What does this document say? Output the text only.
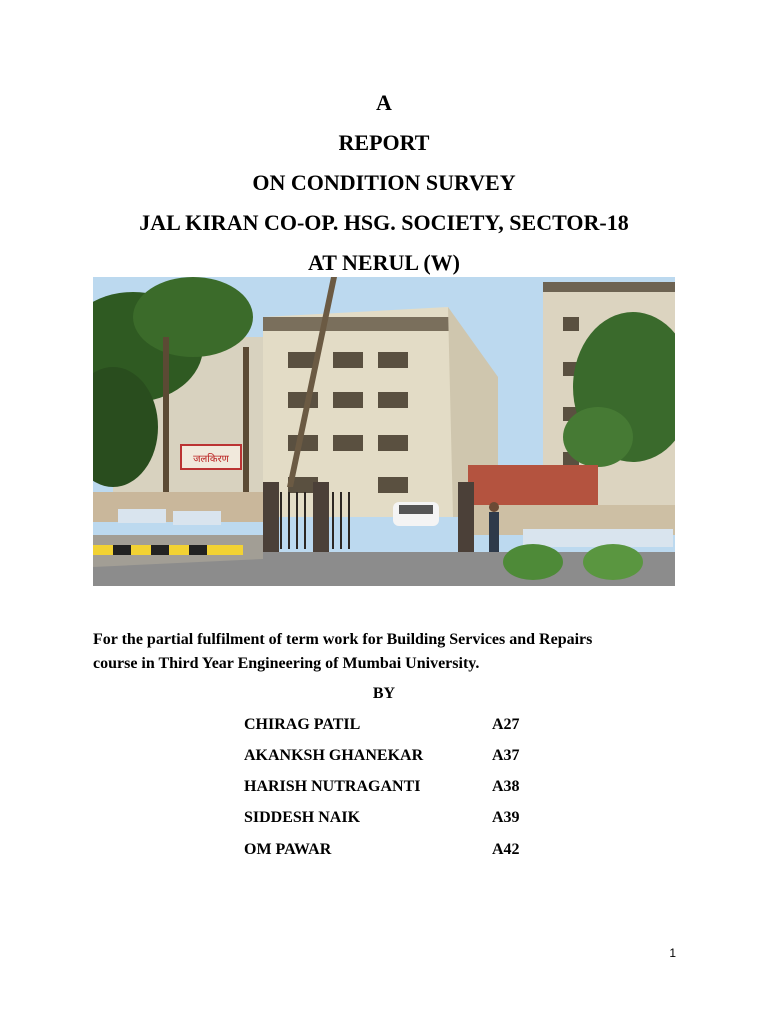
A
REPORT
ON CONDITION SURVEY
JAL KIRAN CO-OP. HSG. SOCIETY, SECTOR-18
AT NERUL (W)
जलकिरण
For the partial fulfilment of term work for Building Services and Repairs
course in Third Year Engineering of Mumbai University.
BY
CHIRAG PATIL	A27
AKANKSH GHANEKAR	A37
HARISH NUTRAGANTI	A38
SIDDESH NAIK	A39
OM PAWAR	A42
1
